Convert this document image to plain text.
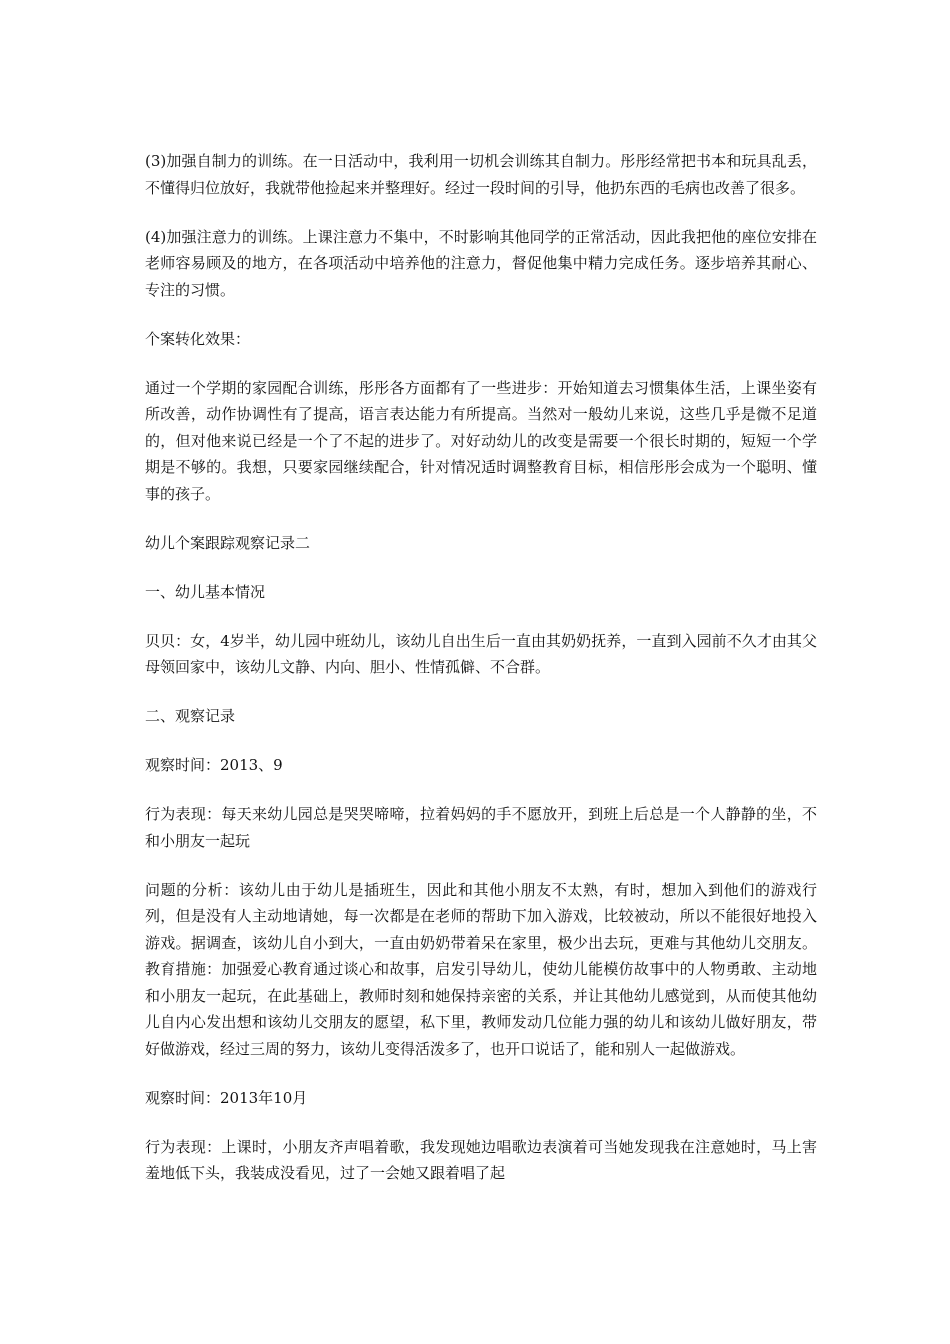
(3)加强自制力的训练。在一日活动中，我利用一切机会训练其自制力。彤彤经常把书本和玩具乱丢，不懂得归位放好，我就带他捡起来并整理好。经过一段时间的引导，他扔东西的毛病也改善了很多。

(4)加强注意力的训练。上课注意力不集中，不时影响其他同学的正常活动，因此我把他的座位安排在老师容易顾及的地方，在各项活动中培养他的注意力，督促他集中精力完成任务。逐步培养其耐心、专注的习惯。

个案转化效果：

通过一个学期的家园配合训练，彤彤各方面都有了一些进步：开始知道去习惯集体生活，上课坐姿有所改善，动作协调性有了提高，语言表达能力有所提高。当然对一般幼儿来说，这些几乎是微不足道的，但对他来说已经是一个了不起的进步了。对好动幼儿的改变是需要一个很长时期的，短短一个学期是不够的。我想，只要家园继续配合，针对情况适时调整教育目标，相信彤彤会成为一个聪明、懂事的孩子。

幼儿个案跟踪观察记录二

一、幼儿基本情况

贝贝：女，4岁半，幼儿园中班幼儿，该幼儿自出生后一直由其奶奶抚养，一直到入园前不久才由其父母领回家中，该幼儿文静、内向、胆小、性情孤僻、不合群。

二、观察记录

观察时间：2013、9

行为表现：每天来幼儿园总是哭哭啼啼，拉着妈妈的手不愿放开，到班上后总是一个人静静的坐，不和小朋友一起玩

问题的分析：该幼儿由于幼儿是插班生，因此和其他小朋友不太熟，有时，想加入到他们的游戏行列，但是没有人主动地请她，每一次都是在老师的帮助下加入游戏，比较被动，所以不能很好地投入游戏。据调查，该幼儿自小到大，一直由奶奶带着呆在家里，极少出去玩，更难与其他幼儿交朋友。 教育措施：加强爱心教育通过谈心和故事，启发引导幼儿，使幼儿能模仿故事中的人物勇敢、主动地和小朋友一起玩，在此基础上，教师时刻和她保持亲密的关系，并让其他幼儿感觉到，从而使其他幼儿自内心发出想和该幼儿交朋友的愿望，私下里，教师发动几位能力强的幼儿和该幼儿做好朋友，带好做游戏，经过三周的努力，该幼儿变得活泼多了，也开口说话了，能和别人一起做游戏。

观察时间：2013年10月

行为表现：上课时，小朋友齐声唱着歌，我发现她边唱歌边表演着可当她发现我在注意她时，马上害羞地低下头，我装成没看见，过了一会她又跟着唱了起
